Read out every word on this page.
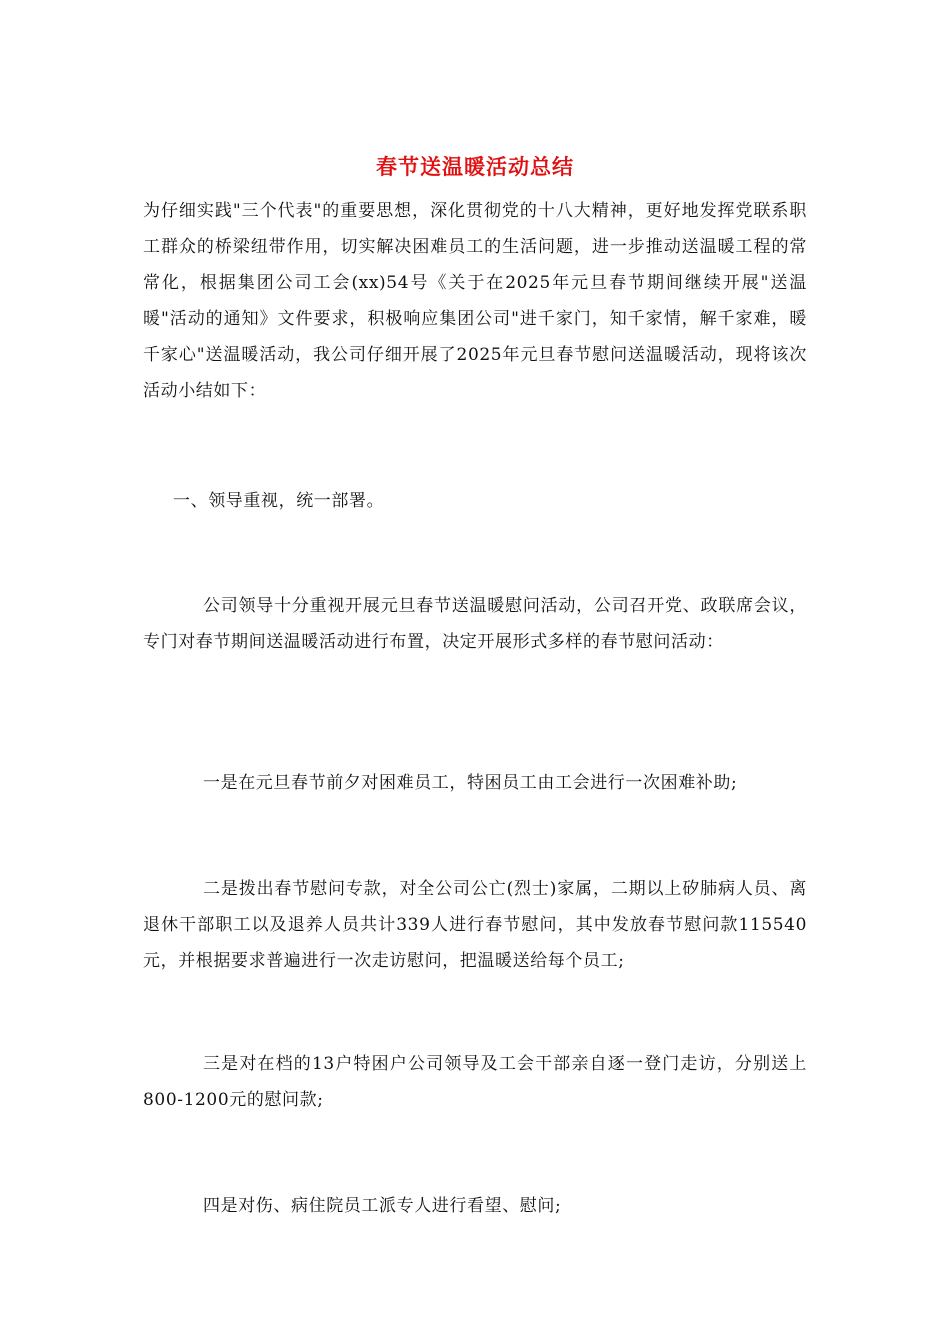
春节送温暖活动总结

为仔细实践"三个代表"的重要思想，深化贯彻党的十八大精神，更好地发挥党联系职工群众的桥梁纽带作用，切实解决困难员工的生活问题，进一步推动送温暖工程的常常化，根据集团公司工会(xx)54号《关于在2025年元旦春节期间继续开展"送温暖"活动的通知》文件要求，积极响应集团公司"进千家门，知千家情，解千家难，暖千家心"送温暖活动，我公司仔细开展了2025年元旦春节慰问送温暖活动，现将该次活动小结如下：

一、领导重视，统一部署。

公司领导十分重视开展元旦春节送温暖慰问活动，公司召开党、政联席会议，专门对春节期间送温暖活动进行布置，决定开展形式多样的春节慰问活动：

一是在元旦春节前夕对困难员工，特困员工由工会进行一次困难补助;

二是拨出春节慰问专款，对全公司公亡(烈士)家属，二期以上矽肺病人员、离退休干部职工以及退养人员共计339人进行春节慰问，其中发放春节慰问款115540元，并根据要求普遍进行一次走访慰问，把温暖送给每个员工;

三是对在档的13户特困户公司领导及工会干部亲自逐一登门走访，分别送上800-1200元的慰问款;

四是对伤、病住院员工派专人进行看望、慰问;
